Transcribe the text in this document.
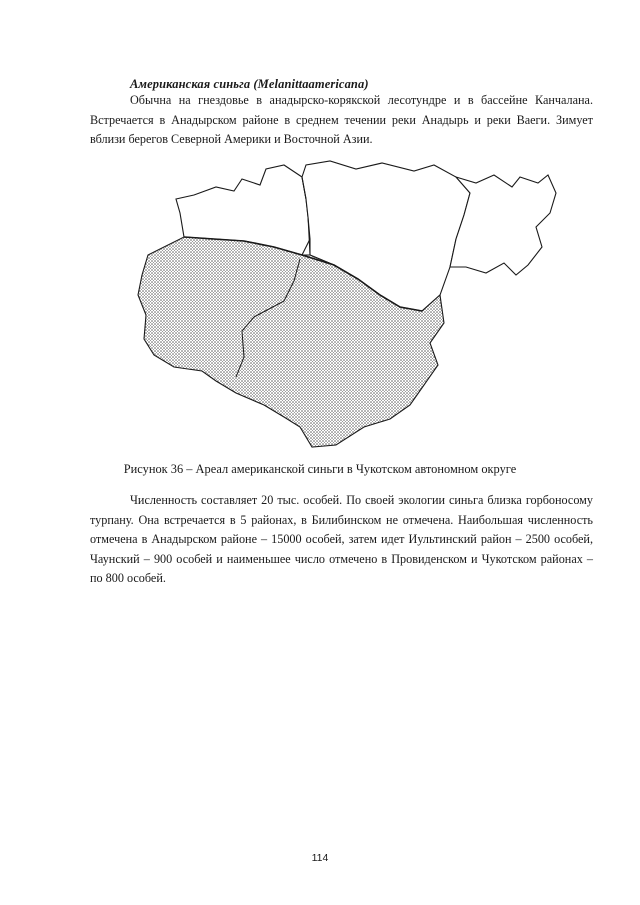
Американская синьга (Melanittaamericana)

Обычна на гнездовье в анадырско-корякской лесотундре и в бассейне Канчалана. Встречается в Анадырском районе в среднем течении реки Анадырь и реки Ваеги. Зимует вблизи берегов Северной Америки и Восточной Азии.

Рисунок 36 – Ареал американской синьги в Чукотском автономном округе

Численность составляет 20 тыс. особей. По своей экологии синьга близка горбоносому турпану. Она встречается в 5 районах, в Билибинском не отмечена. Наибольшая численность отмечена в Анадырском районе – 15000 особей, затем идет Иультинский район – 2500 особей, Чаунский – 900 особей и наименьшее число отмечено в Провиденском и Чукотском районах – по 800 особей.

114
